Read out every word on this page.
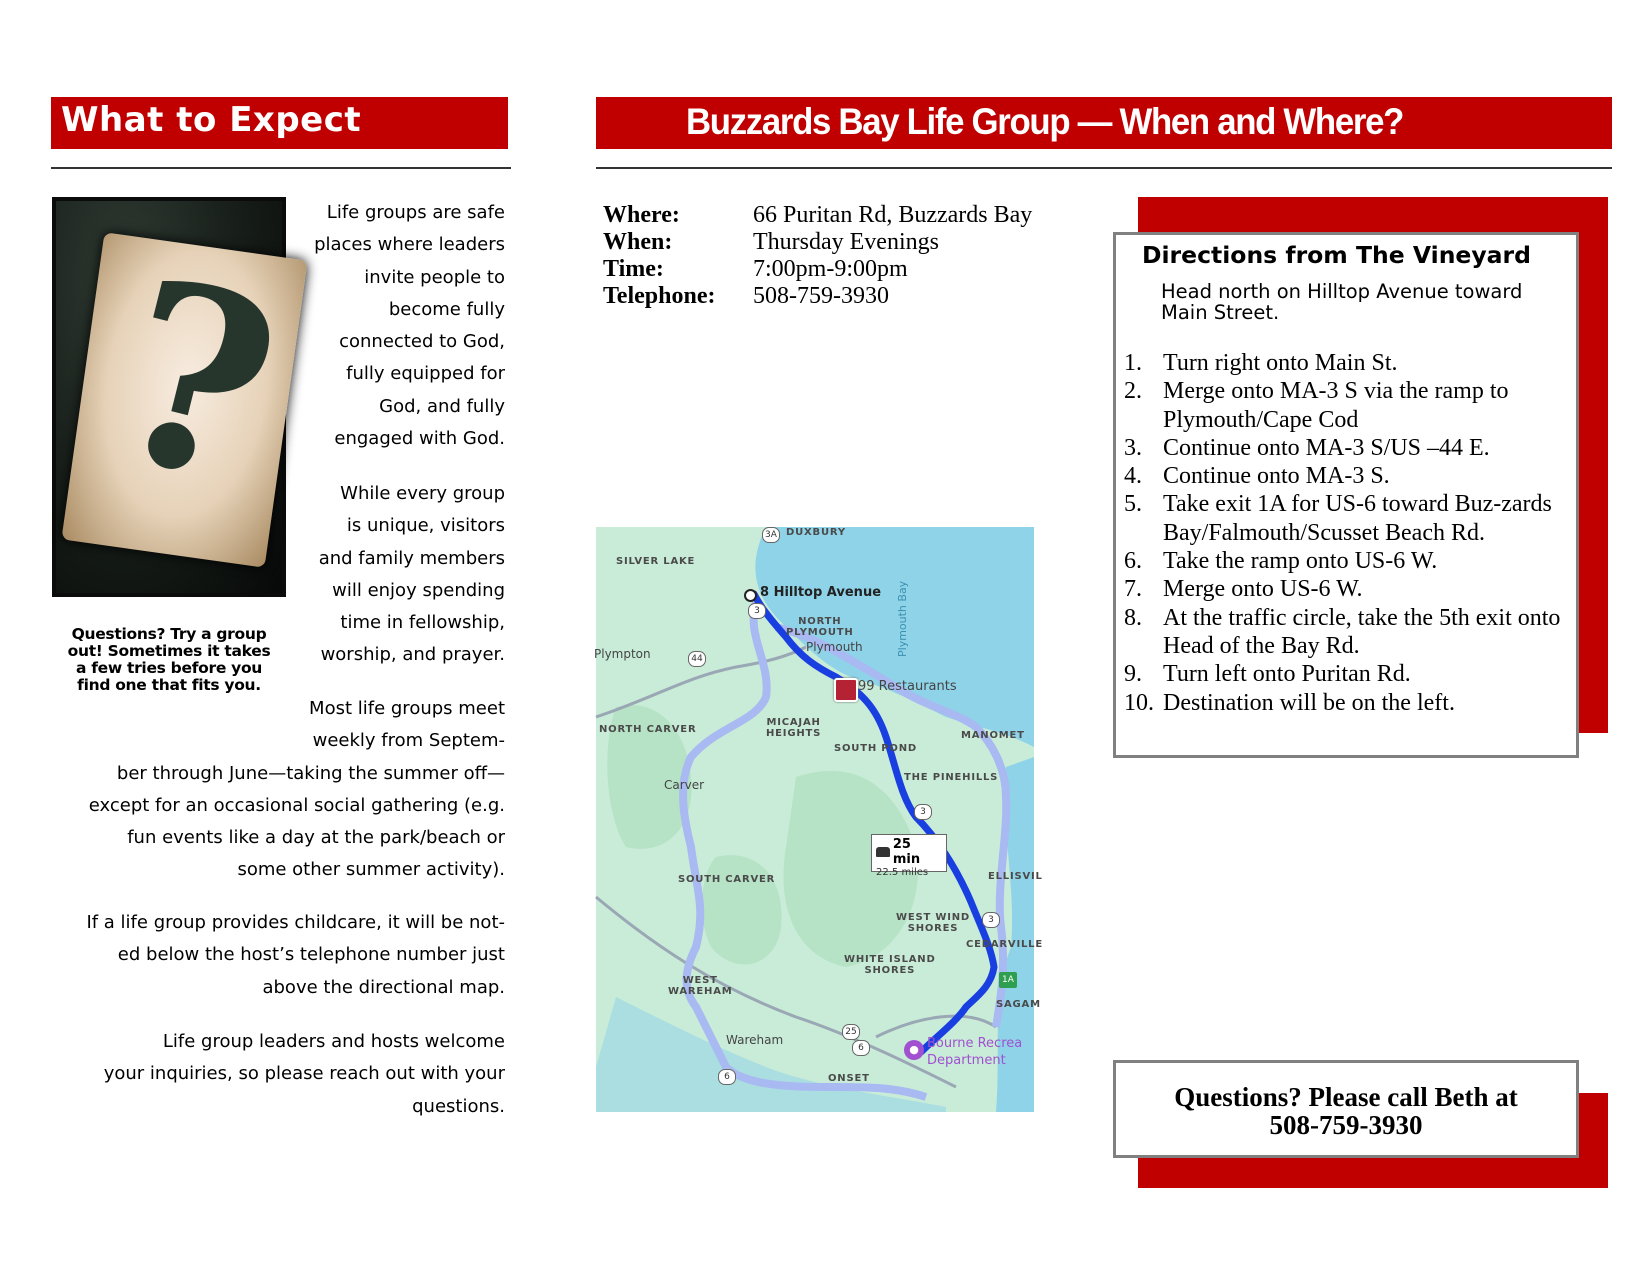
What to Expect
?
Questions? Try a group
out! Sometimes it takes
a few tries before you
find one that fits you.
Life groups are safe
places where leaders
invite people to
become fully
connected to God,
fully equipped for
God, and fully
engaged with God.
While every group
is unique, visitors
and family members
will enjoy spending
time in fellowship,
worship, and prayer.
Most life groups meet
weekly from Septem-
ber through June—taking the summer off—
except for an occasional social gathering (e.g.
fun events like a day at the park/beach or
some other summer activity).
If a life group provides childcare, it will be not-
ed below the host’s telephone number just
above the directional map.
Life group leaders and hosts welcome
your inquiries, so please reach out with your
questions.
Buzzards Bay Life Group — When and Where?
Where:	66 Puritan Rd, Buzzards Bay
When:	Thursday Evenings
Time:	7:00pm-9:00pm
Telephone:	508-759-3930
Directions from The Vineyard
Head north on Hilltop Avenue toward Main Street.
1. Turn right onto Main St.
2. Merge onto MA-3 S via the ramp to Plymouth/Cape Cod
3. Continue onto MA-3 S/US –44 E.
4. Continue onto MA-3 S.
5. Take exit 1A for US-6 toward Buz-zards Bay/Falmouth/Scusset Beach Rd.
6. Take the ramp onto US-6 W.
7. Merge onto US-6 W.
8. At the traffic circle, take the 5th exit onto Head of the Bay Rd.
9. Turn left onto Puritan Rd.
10. Destination will be on the left.
Questions? Please call Beth at
508-759-3930
8 Hilltop Avenue
99 Restaurants
● Bourne Recrea
Department
25 min
22.5 miles
Plymouth Bay
DUXBURY
SILVER LAKE
NORTH
PLYMOUTH
Plymouth
Plympton
NORTH CARVER
MICAJAH
HEIGHTS
SOUTH POND
MANOMET
THE PINEHILLS
Carver
SOUTH CARVER	ELLISVIL
WEST WIND
SHORES
CEDARVILLE
WHITE ISLAND
SHORES
WEST
WAREHAM
SAGAM
Wareham
ONSET
3A
3
44
3
3
1A
25
6
6
